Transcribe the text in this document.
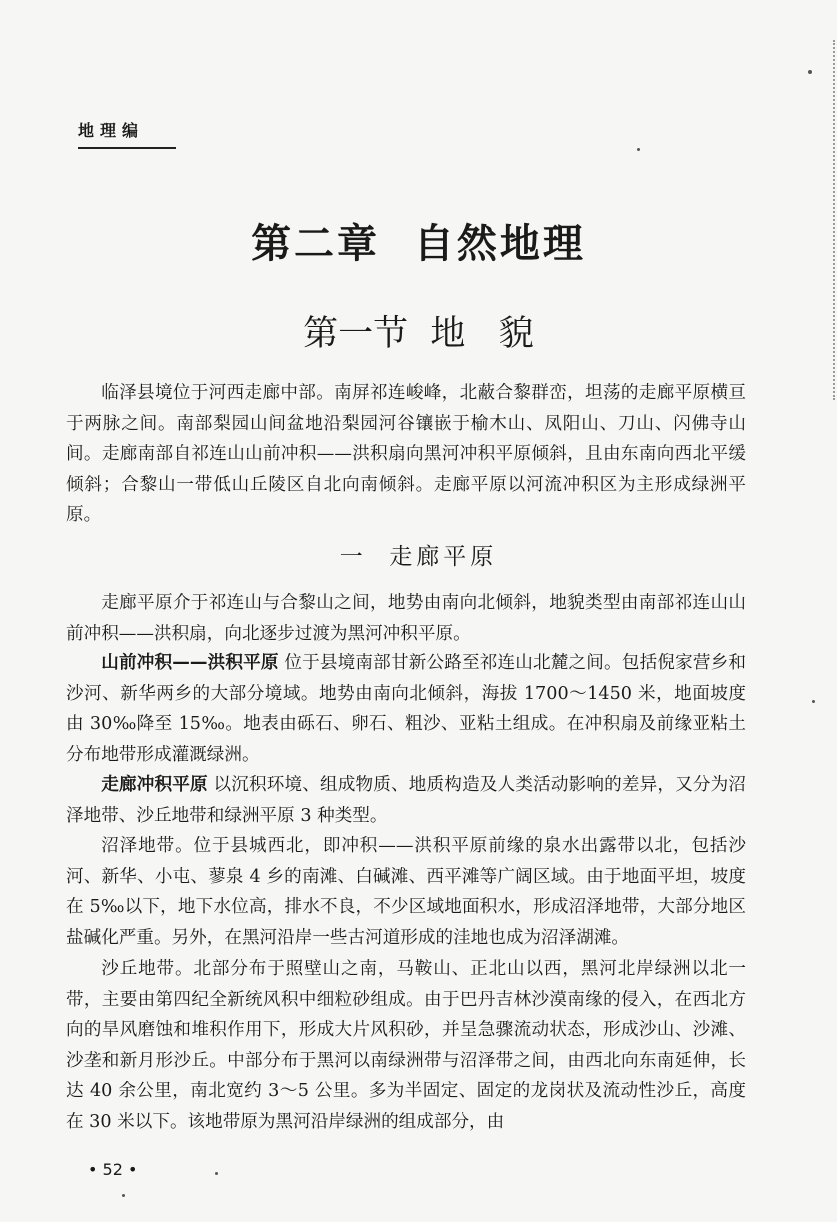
地理编
第二章  自然地理
第一节  地   貌

临泽县境位于河西走廊中部。南屏祁连峻峰，北蔽合黎群峦，坦荡的走廊平原横亘于两脉之间。南部梨园山间盆地沿梨园河谷镶嵌于榆木山、凤阳山、刀山、闪佛寺山间。走廊南部自祁连山山前冲积——洪积扇向黑河冲积平原倾斜，且由东南向西北平缓倾斜；合黎山一带低山丘陵区自北向南倾斜。走廊平原以河流冲积区为主形成绿洲平原。

一  走廊平原

走廊平原介于祁连山与合黎山之间，地势由南向北倾斜，地貌类型由南部祁连山山前冲积——洪积扇，向北逐步过渡为黑河冲积平原。

山前冲积——洪积平原 位于县境南部甘新公路至祁连山北麓之间。包括倪家营乡和沙河、新华两乡的大部分境域。地势由南向北倾斜，海拔 1700～1450 米，地面坡度由 30‰降至 15‰。地表由砾石、卵石、粗沙、亚粘土组成。在冲积扇及前缘亚粘土分布地带形成灌溉绿洲。

走廊冲积平原 以沉积环境、组成物质、地质构造及人类活动影响的差异，又分为沼泽地带、沙丘地带和绿洲平原 3 种类型。

沼泽地带。位于县城西北，即冲积——洪积平原前缘的泉水出露带以北，包括沙河、新华、小屯、蓼泉 4 乡的南滩、白碱滩、西平滩等广阔区域。由于地面平坦，坡度在 5‰以下，地下水位高，排水不良，不少区域地面积水，形成沼泽地带，大部分地区盐碱化严重。另外，在黑河沿岸一些古河道形成的洼地也成为沼泽湖滩。

沙丘地带。北部分布于照壁山之南，马鞍山、正北山以西，黑河北岸绿洲以北一带，主要由第四纪全新统风积中细粒砂组成。由于巴丹吉林沙漠南缘的侵入，在西北方向的旱风磨蚀和堆积作用下，形成大片风积砂，并呈急骤流动状态，形成沙山、沙滩、沙垄和新月形沙丘。中部分布于黑河以南绿洲带与沼泽带之间，由西北向东南延伸，长达 40 余公里，南北宽约 3～5 公里。多为半固定、固定的龙岗状及流动性沙丘，高度在 30 米以下。该地带原为黑河沿岸绿洲的组成部分，由

• 52 •
